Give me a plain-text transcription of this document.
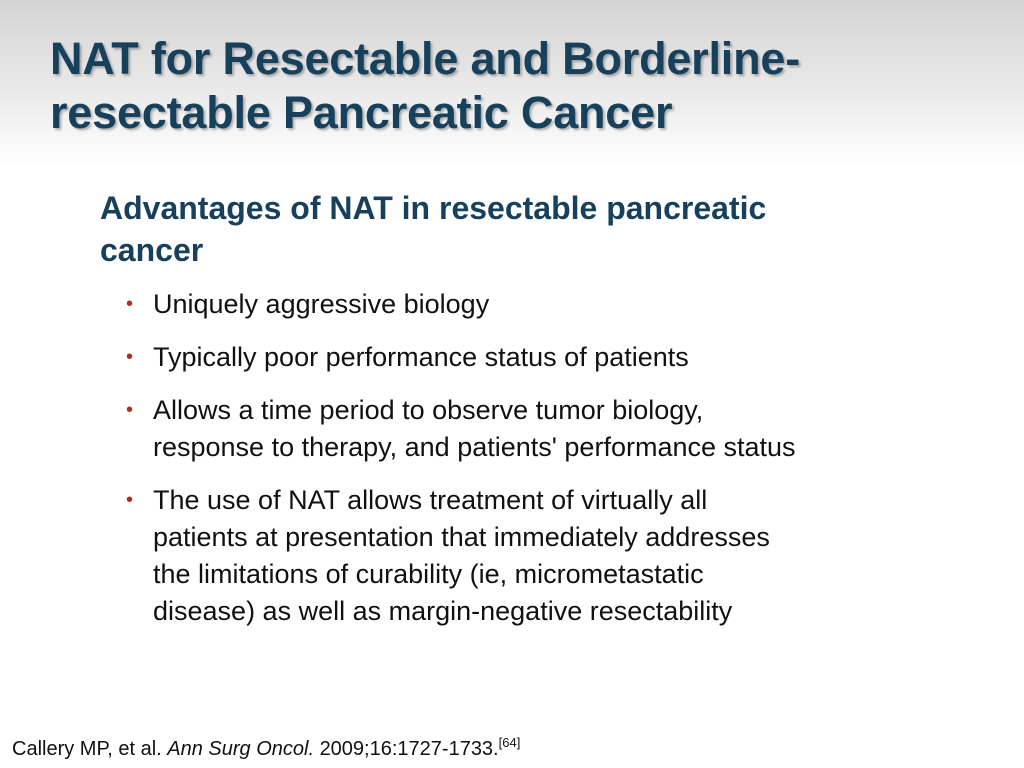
NAT for Resectable and Borderline-
resectable Pancreatic Cancer
Advantages of NAT in resectable pancreatic
cancer
• Uniquely aggressive biology
• Typically poor performance status of patients
• Allows a time period to observe tumor biology,
response to therapy, and patients' performance status
• The use of NAT allows treatment of virtually all
patients at presentation that immediately addresses
the limitations of curability (ie, micrometastatic
disease) as well as margin-negative resectability
Callery MP, et al. Ann Surg Oncol. 2009;16:1727-1733.[64]
